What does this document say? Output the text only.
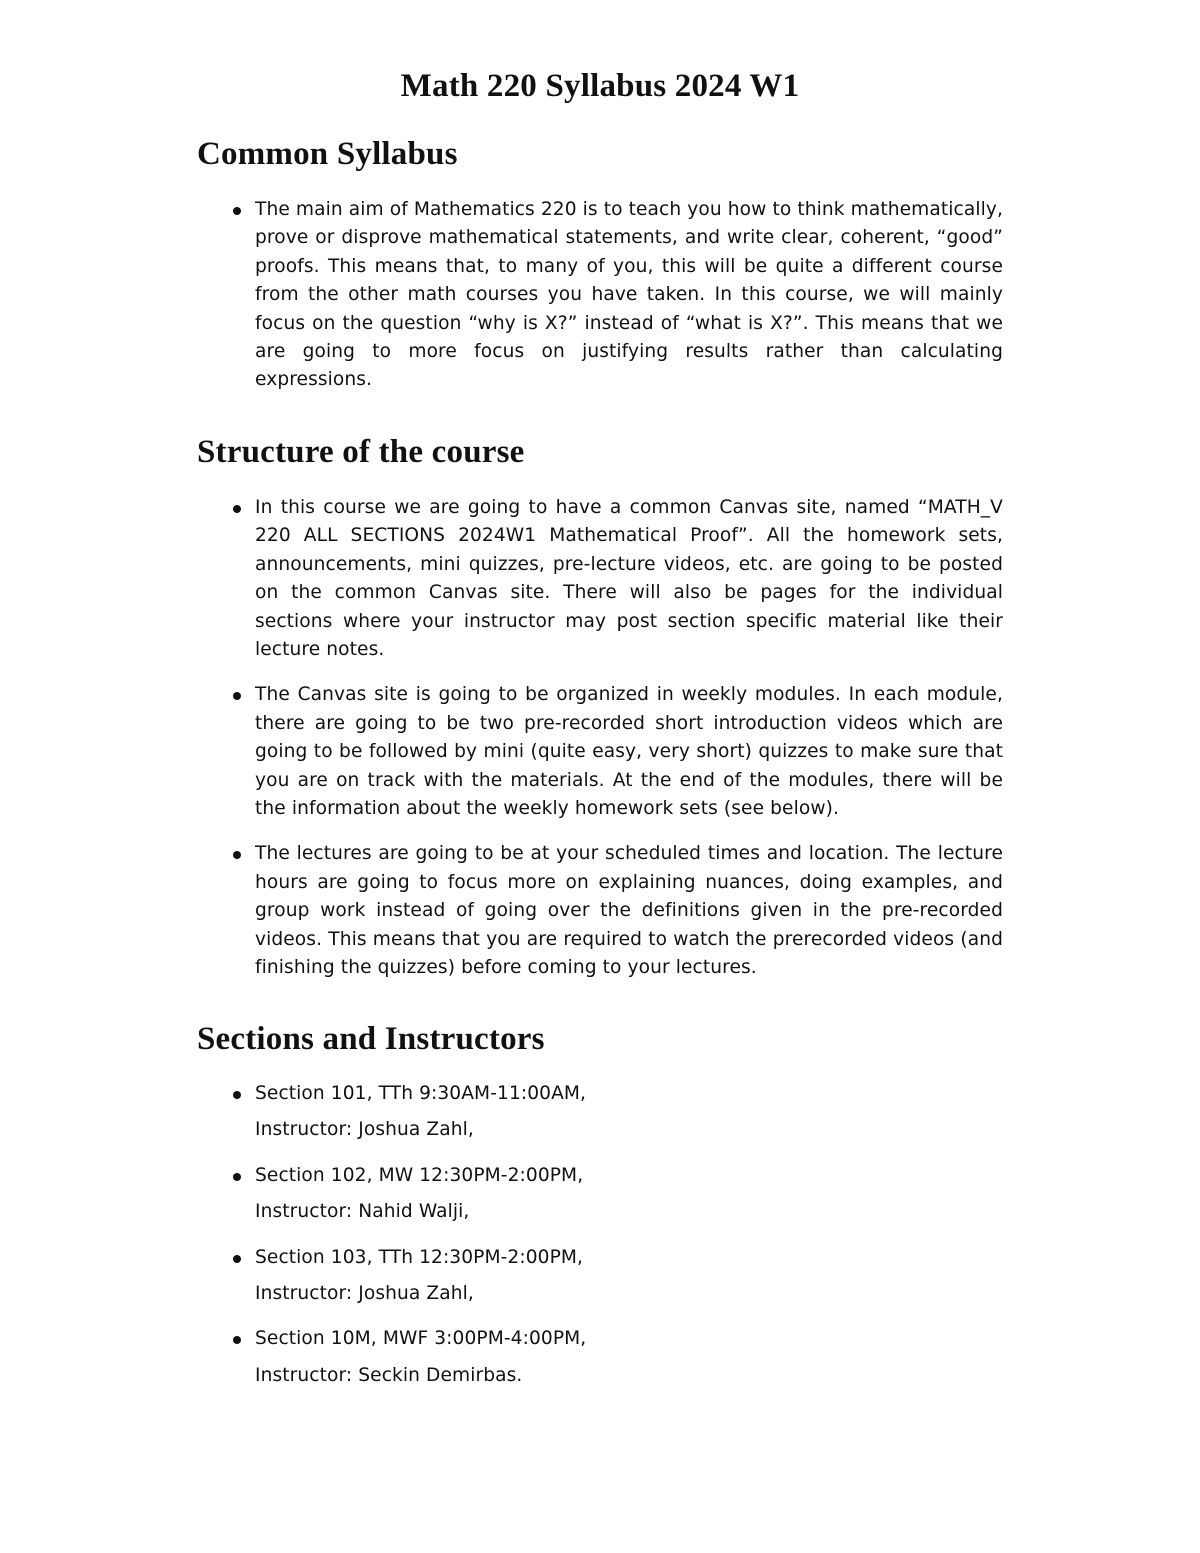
Math 220 Syllabus 2024 W1
Common Syllabus
The main aim of Mathematics 220 is to teach you how to think mathematically, prove or disprove mathematical statements, and write clear, coherent, “good” proofs. This means that, to many of you, this will be quite a different course from the other math courses you have taken. In this course, we will mainly focus on the question “why is X?” instead of “what is X?”. This means that we are going to more focus on justifying results rather than calculating expressions.
Structure of the course
In this course we are going to have a common Canvas site, named “MATH_V 220 ALL SECTIONS 2024W1 Mathematical Proof”. All the homework sets, announcements, mini quizzes, pre-lecture videos, etc. are going to be posted on the common Canvas site. There will also be pages for the individual sections where your instructor may post section specific material like their lecture notes.
The Canvas site is going to be organized in weekly modules. In each module, there are going to be two pre-recorded short introduction videos which are going to be followed by mini (quite easy, very short) quizzes to make sure that you are on track with the materials. At the end of the modules, there will be the information about the weekly homework sets (see below).
The lectures are going to be at your scheduled times and location. The lecture hours are going to focus more on explaining nuances, doing examples, and group work instead of going over the definitions given in the pre-recorded videos. This means that you are required to watch the prerecorded videos (and finishing the quizzes) before coming to your lectures.
Sections and Instructors
Section 101, TTh 9:30AM-11:00AM,
Instructor: Joshua Zahl,
Section 102, MW 12:30PM-2:00PM,
Instructor: Nahid Walji,
Section 103, TTh 12:30PM-2:00PM,
Instructor: Joshua Zahl,
Section 10M, MWF 3:00PM-4:00PM,
Instructor: Seckin Demirbas.
